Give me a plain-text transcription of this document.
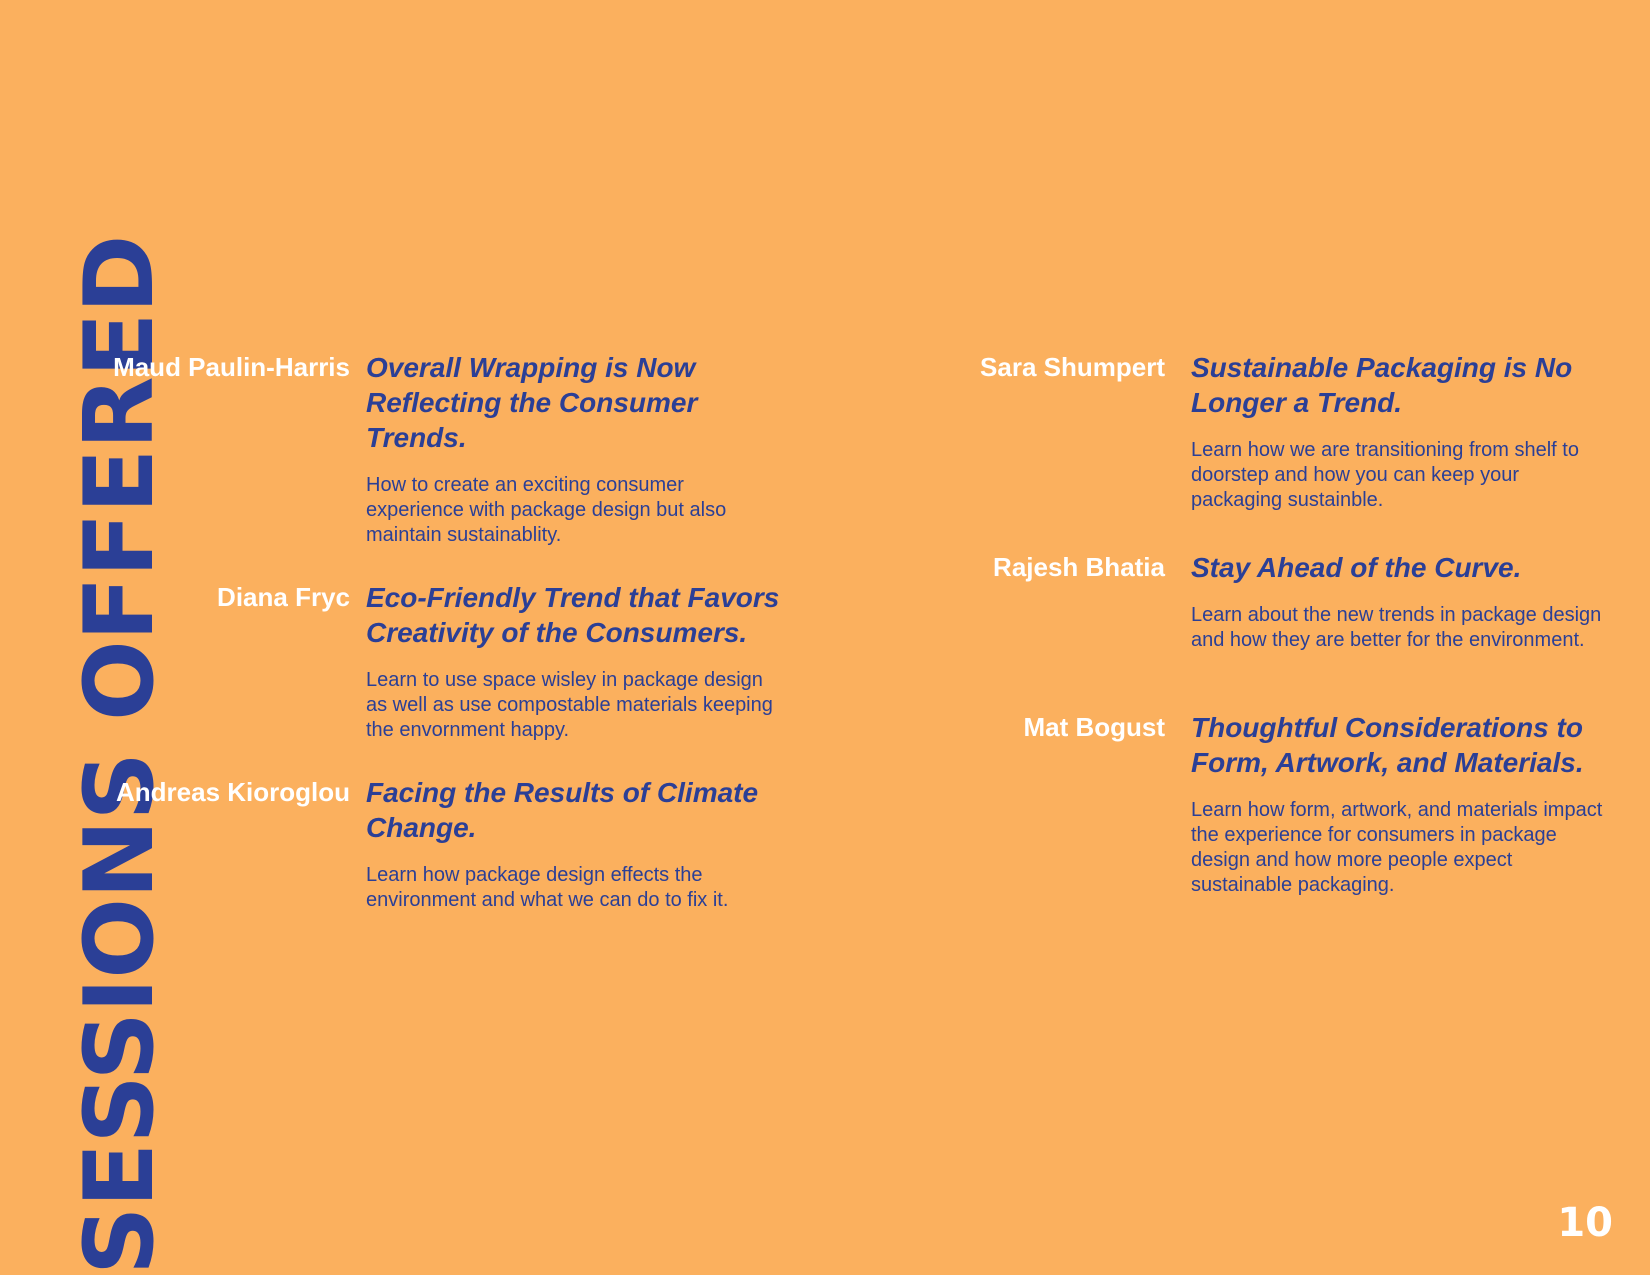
SESSIONS OFFERED
Maud Paulin-Harris Overall Wrapping is Now Reflecting the Consumer Trends.

How to create an exciting consumer experience with package design but also maintain sustainablity.

Diana Fryc Eco-Friendly Trend that Favors Creativity of the Consumers.

Learn to use space wisley in package design as well as use compostable materials keeping the envornment happy.

Andreas Kioroglou Facing the Results of Climate Change.

Learn how package design effects the environment and what we can do to fix it.

Sara Shumpert Sustainable Packaging is No Longer a Trend.

Learn how we are transitioning from shelf to doorstep and how you can keep your packaging sustainble.

Rajesh Bhatia Stay Ahead of the Curve.

Learn about the new trends in package design and how they are better for the environment.

Mat Bogust Thoughtful Considerations to Form, Artwork, and Materials.

Learn how form, artwork, and materials impact the experience for consumers in package design and how more people expect sustainable packaging.

10
